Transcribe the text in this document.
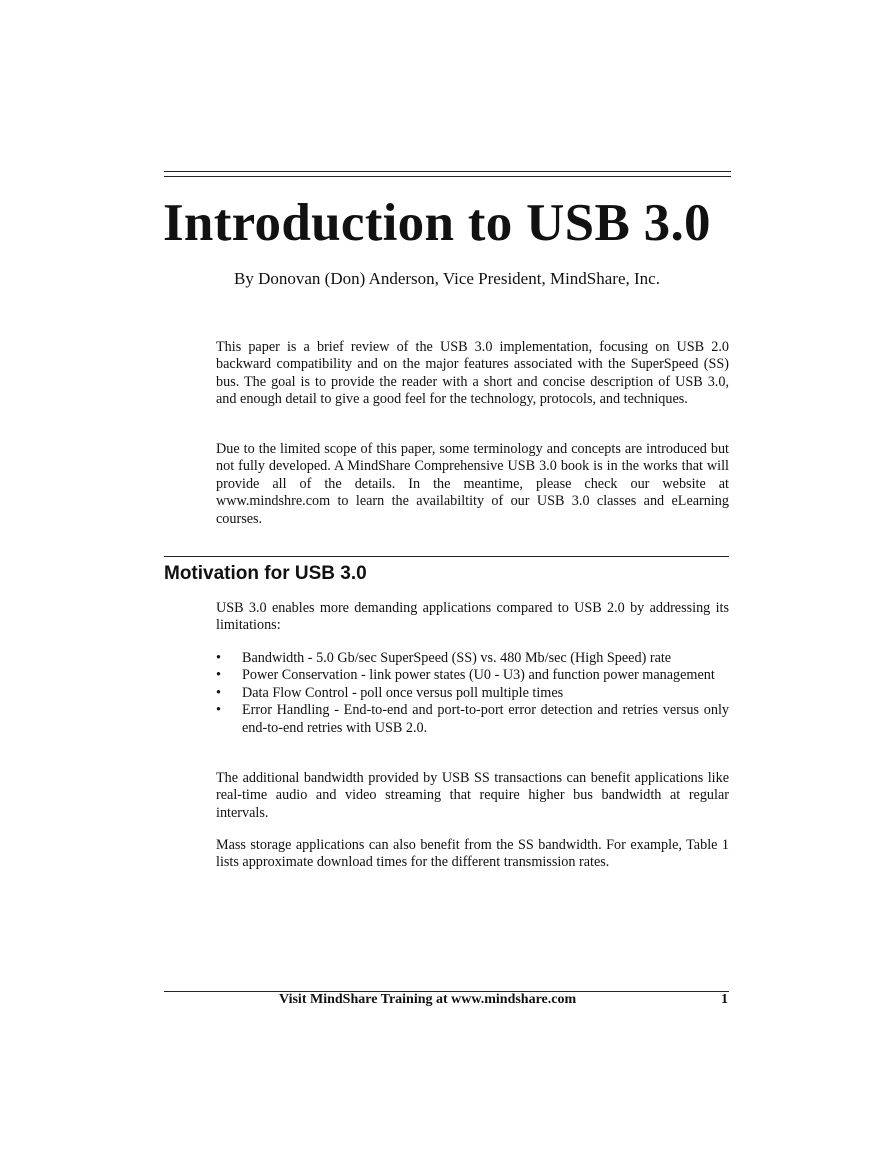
Introduction to USB 3.0

By Donovan (Don) Anderson, Vice President, MindShare, Inc.

This paper is a brief review of the USB 3.0 implementation, focusing on USB 2.0 backward compatibility and on the major features associated with the SuperSpeed (SS) bus. The goal is to provide the reader with a short and concise description of USB 3.0, and enough detail to give a good feel for the technology, protocols, and techniques.

Due to the limited scope of this paper, some terminology and concepts are introduced but not fully developed. A MindShare Comprehensive USB 3.0 book is in the works that will provide all of the details. In the meantime, please check our website at www.mindshre.com to learn the availabiltity of our USB 3.0 classes and eLearning courses.

Motivation for USB 3.0

USB 3.0 enables more demanding applications compared to USB 2.0 by addressing its limitations:

• Bandwidth - 5.0 Gb/sec SuperSpeed (SS) vs. 480 Mb/sec (High Speed) rate
• Power Conservation - link power states (U0 - U3) and function power management
• Data Flow Control - poll once versus poll multiple times
• Error Handling - End-to-end and port-to-port error detection and retries versus only end-to-end retries with USB 2.0.

The additional bandwidth provided by USB SS transactions can benefit applications like real-time audio and video streaming that require higher bus bandwidth at regular intervals.

Mass storage applications can also benefit from the SS bandwidth. For example, Table 1 lists approximate download times for the different transmission rates.

Visit MindShare Training at www.mindshare.com	1
